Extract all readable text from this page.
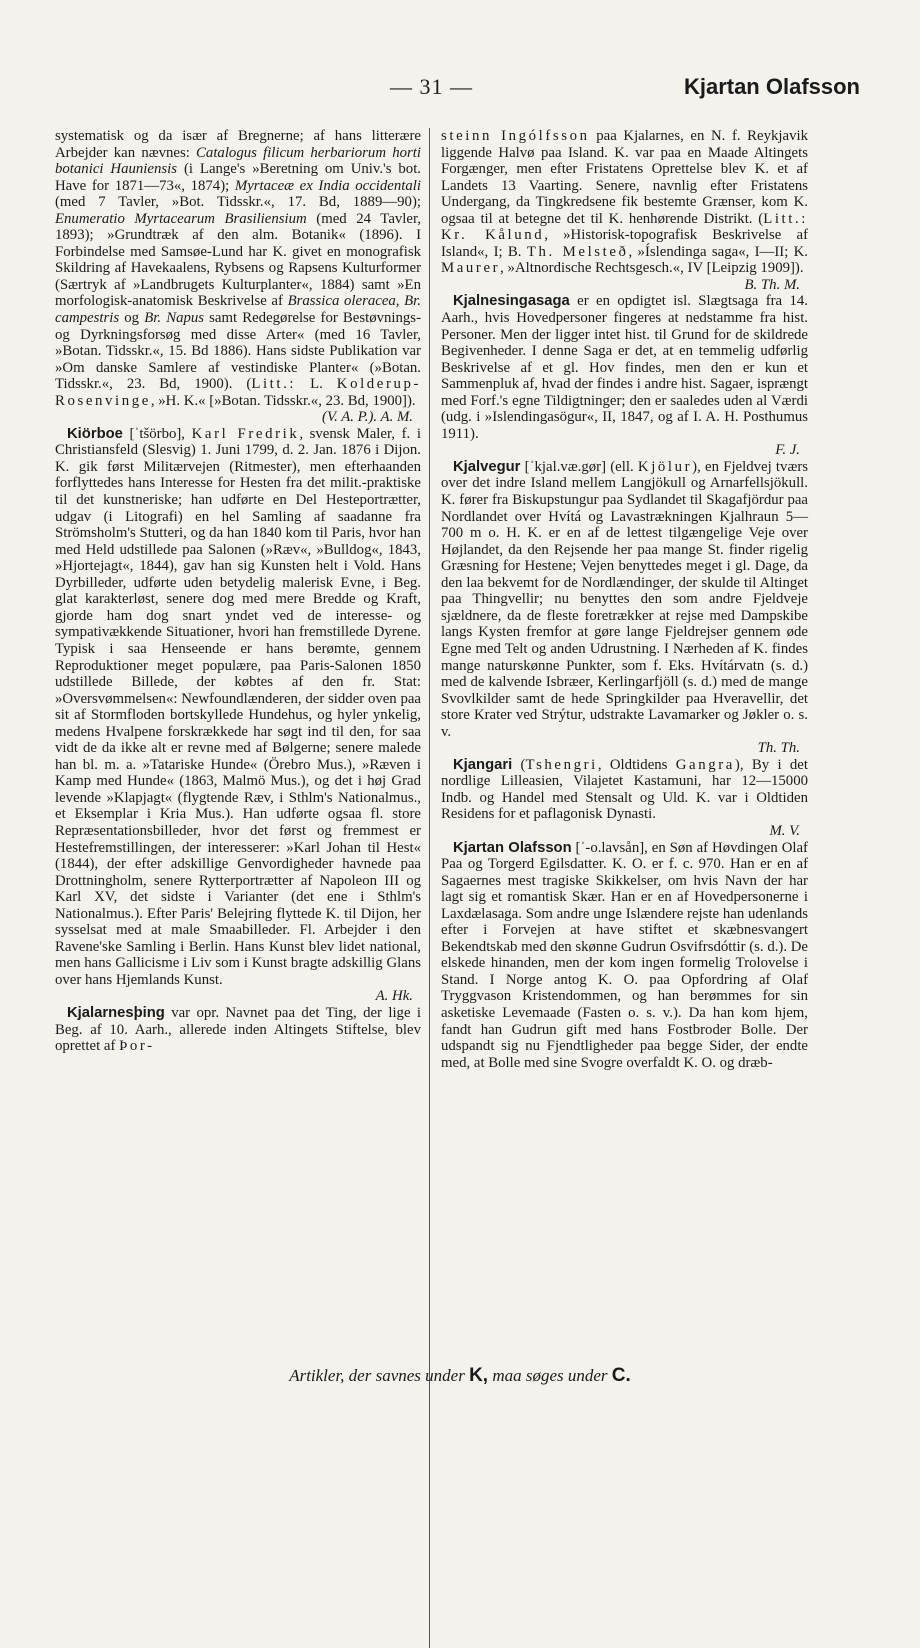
— 31 —	Kjartan Olafsson

systematisk og da især af Bregnerne; af hans litterære Arbejder kan nævnes: Catalogus filicum herbariorum horti botanici Hauniensis (i Lange's »Beretning om Univ.'s bot. Have for 1871—73«, 1874); Myrtaceæ ex India occidentali (med 7 Tavler, »Bot. Tidsskr.«, 17. Bd, 1889—90); Enumeratio Myrtacearum Brasiliensium (med 24 Tavler, 1893); »Grundtræk af den alm. Botanik« (1896). I Forbindelse med Samsøe-Lund har K. givet en monografisk Skildring af Havekaalens, Rybsens og Rapsens Kulturformer (Særtryk af »Landbrugets Kulturplanter«, 1884) samt »En morfologisk-anatomisk Beskrivelse af Brassica oleracea, Br. campestris og Br. Napus samt Redegørelse for Bestøvnings- og Dyrkningsforsøg med disse Arter« (med 16 Tavler, »Botan. Tidsskr.«, 15. Bd 1886). Hans sidste Publikation var »Om danske Samlere af vestindiske Planter« (»Botan. Tidsskr.«, 23. Bd, 1900). (Litt.: L. Kolderup-Rosenvinge, »H. K.« [»Botan. Tidsskr.«, 23. Bd, 1900]).
(V. A. P.). A. M.

Kiörboe [ˈtšörbo], Karl Fredrik, svensk Maler, f. i Christiansfeld (Slesvig) 1. Juni 1799, d. 2. Jan. 1876 i Dijon. K. gik først Militærvejen (Ritmester), men efterhaanden forflyttedes hans Interesse for Hesten fra det milit.-praktiske til det kunstneriske; han udførte en Del Hesteportrætter, udgav (i Litografi) en hel Samling af saadanne fra Strömsholm's Stutteri, og da han 1840 kom til Paris, hvor han med Held udstillede paa Salonen (»Ræv«, »Bulldog«, 1843, »Hjortejagt«, 1844), gav han sig Kunsten helt i Vold. Hans Dyrbilleder, udførte uden betydelig malerisk Evne, i Beg. glat karakterløst, senere dog med mere Bredde og Kraft, gjorde ham dog snart yndet ved de interesse- og sympativækkende Situationer, hvori han fremstillede Dyrene. Typisk i saa Henseende er hans berømte, gennem Reproduktioner meget populære, paa Paris-Salonen 1850 udstillede Billede, der købtes af den fr. Stat: »Oversvømmelsen«: Newfoundlænderen, der sidder oven paa sit af Stormfloden bortskyllede Hundehus, og hyler ynkelig, medens Hvalpene forskrækkede har søgt ind til den, for saa vidt de da ikke alt er revne med af Bølgerne; senere malede han bl. m. a. »Tatariske Hunde« (Örebro Mus.), »Ræven i Kamp med Hunde« (1863, Malmö Mus.), og det i høj Grad levende »Klapjagt« (flygtende Ræv, i Sthlm's Nationalmus., et Eksemplar i Kria Mus.). Han udførte ogsaa fl. store Repræsentationsbilleder, hvor det først og fremmest er Hestefremstillingen, der interesserer: »Karl Johan til Hest« (1844), der efter adskillige Genvordigheder havnede paa Drottningholm, senere Rytterportrætter af Napoleon III og Karl XV, det sidste i Varianter (det ene i Sthlm's Nationalmus.). Efter Paris' Belejring flyttede K. til Dijon, her sysselsat med at male Smaabilleder. Fl. Arbejder i den Ravene'ske Samling i Berlin. Hans Kunst blev lidet national, men hans Gallicisme i Liv som i Kunst bragte adskillig Glans over hans Hjemlands Kunst.
A. Hk.

Kjalarnesþing var opr. Navnet paa det Ting, der lige i Beg. af 10. Aarh., allerede inden Altingets Stiftelse, blev oprettet af Þor-

steinn Ingólfsson paa Kjalarnes, en N. f. Reykjavik liggende Halvø paa Island. K. var paa en Maade Altingets Forgænger, men efter Fristatens Oprettelse blev K. et af Landets 13 Vaarting. Senere, navnlig efter Fristatens Undergang, da Tingkredsene fik bestemte Grænser, kom K. ogsaa til at betegne det til K. henhørende Distrikt. (Litt.: Kr. Kålund, »Historisk-topografisk Beskrivelse af Island«, I; B. Th. Melsteð, »Íslendinga saga«, I—II; K. Maurer, »Altnordische Rechtsgesch.«, IV [Leipzig 1909]).
B. Th. M.

Kjalnesingasaga er en opdigtet isl. Slægtsaga fra 14. Aarh., hvis Hovedpersoner fingeres at nedstamme fra hist. Personer. Men der ligger intet hist. til Grund for de skildrede Begivenheder. I denne Saga er det, at en temmelig udførlig Beskrivelse af et gl. Hov findes, men den er kun et Sammenpluk af, hvad der findes i andre hist. Sagaer, isprængt med Forf.'s egne Tildigtninger; den er saaledes uden al Værdi (udg. i »Islendingasögur«, II, 1847, og af I. A. H. Posthumus 1911).
F. J.

Kjalvegur [ˈkjal.væ.gør] (ell. Kjölur), en Fjeldvej tværs over det indre Island mellem Langjökull og Arnarfellsjökull. K. fører fra Biskupstungur paa Sydlandet til Skagafjördur paa Nordlandet over Hvítá og Lavastrækningen Kjalhraun 5—700 m o. H. K. er en af de lettest tilgængelige Veje over Højlandet, da den Rejsende her paa mange St. finder rigelig Græsning for Hestene; Vejen benyttedes meget i gl. Dage, da den laa bekvemt for de Nordlændinger, der skulde til Altinget paa Thingvellir; nu benyttes den som andre Fjeldveje sjældnere, da de fleste foretrækker at rejse med Dampskibe langs Kysten fremfor at gøre lange Fjeldrejser gennem øde Egne med Telt og anden Udrustning. I Nærheden af K. findes mange naturskønne Punkter, som f. Eks. Hvítárvatn (s. d.) med de kalvende Isbræer, Kerlingarfjöll (s. d.) med de mange Svovlkilder samt de hede Springkilder paa Hveravellir, det store Krater ved Strýtur, udstrakte Lavamarker og Jøkler o. s. v.
Th. Th.

Kjangari (Tshengri, Oldtidens Gangra), By i det nordlige Lilleasien, Vilajetet Kastamuni, har 12—15000 Indb. og Handel med Stensalt og Uld. K. var i Oldtiden Residens for et paflagonisk Dynasti.
M. V.

Kjartan Olafsson [ˈ-o.lavsån], en Søn af Høvdingen Olaf Paa og Torgerd Egilsdatter. K. O. er f. c. 970. Han er en af Sagaernes mest tragiske Skikkelser, om hvis Navn der har lagt sig et romantisk Skær. Han er en af Hovedpersonerne i Laxdælasaga. Som andre unge Islændere rejste han udenlands efter i Forvejen at have stiftet et skæbnesvangert Bekendtskab med den skønne Gudrun Osvifrsdóttir (s. d.). De elskede hinanden, men der kom ingen formelig Trolovelse i Stand. I Norge antog K. O. paa Opfordring af Olaf Tryggvason Kristendommen, og han berømmes for sin asketiske Levemaade (Fasten o. s. v.). Da han kom hjem, fandt han Gudrun gift med hans Fostbroder Bolle. Der udspandt sig nu Fjendtligheder paa begge Sider, der endte med, at Bolle med sine Svogre overfaldt K. O. og dræb-

Artikler, der savnes under K, maa søges under C.
